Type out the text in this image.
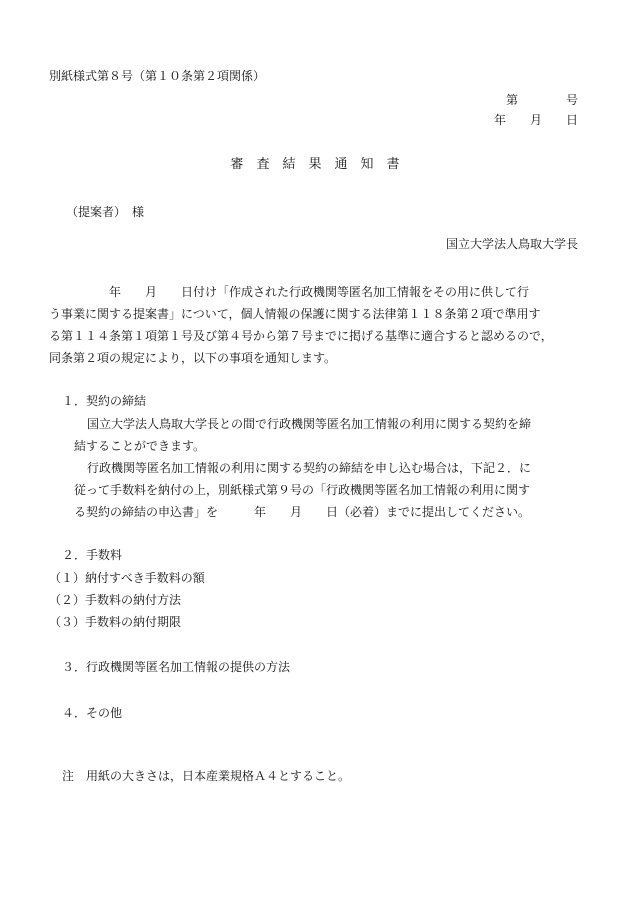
別紙様式第８号（第１０条第２項関係）
第　　　　号
年　　月　　日
審　査　結　果　通　知　書
（提案者）　様
国立大学法人鳥取大学長
　　　　　年　　月　　日付け「作成された行政機関等匿名加工情報をその用に供して行
う事業に関する提案書」について，個人情報の保護に関する法律第１１８条第２項で準用す
る第１１４条第１項第１号及び第４号から第７号までに掲げる基準に適合すると認めるので，
同条第２項の規定により，以下の事項を通知します。
１．契約の締結
国立大学法人鳥取大学長との間で行政機関等匿名加工情報の利用に関する契約を締
結することができます。
行政機関等匿名加工情報の利用に関する契約の締結を申し込む場合は，下記２．に
従って手数料を納付の上，別紙様式第９号の「行政機関等匿名加工情報の利用に関す
る契約の締結の申込書」を　　　年　　月　　日（必着）までに提出してください。
２．手数料
（１）納付すべき手数料の額
（２）手数料の納付方法
（３）手数料の納付期限
３．行政機関等匿名加工情報の提供の方法
４．その他
注　用紙の大きさは，日本産業規格Ａ４とすること。
